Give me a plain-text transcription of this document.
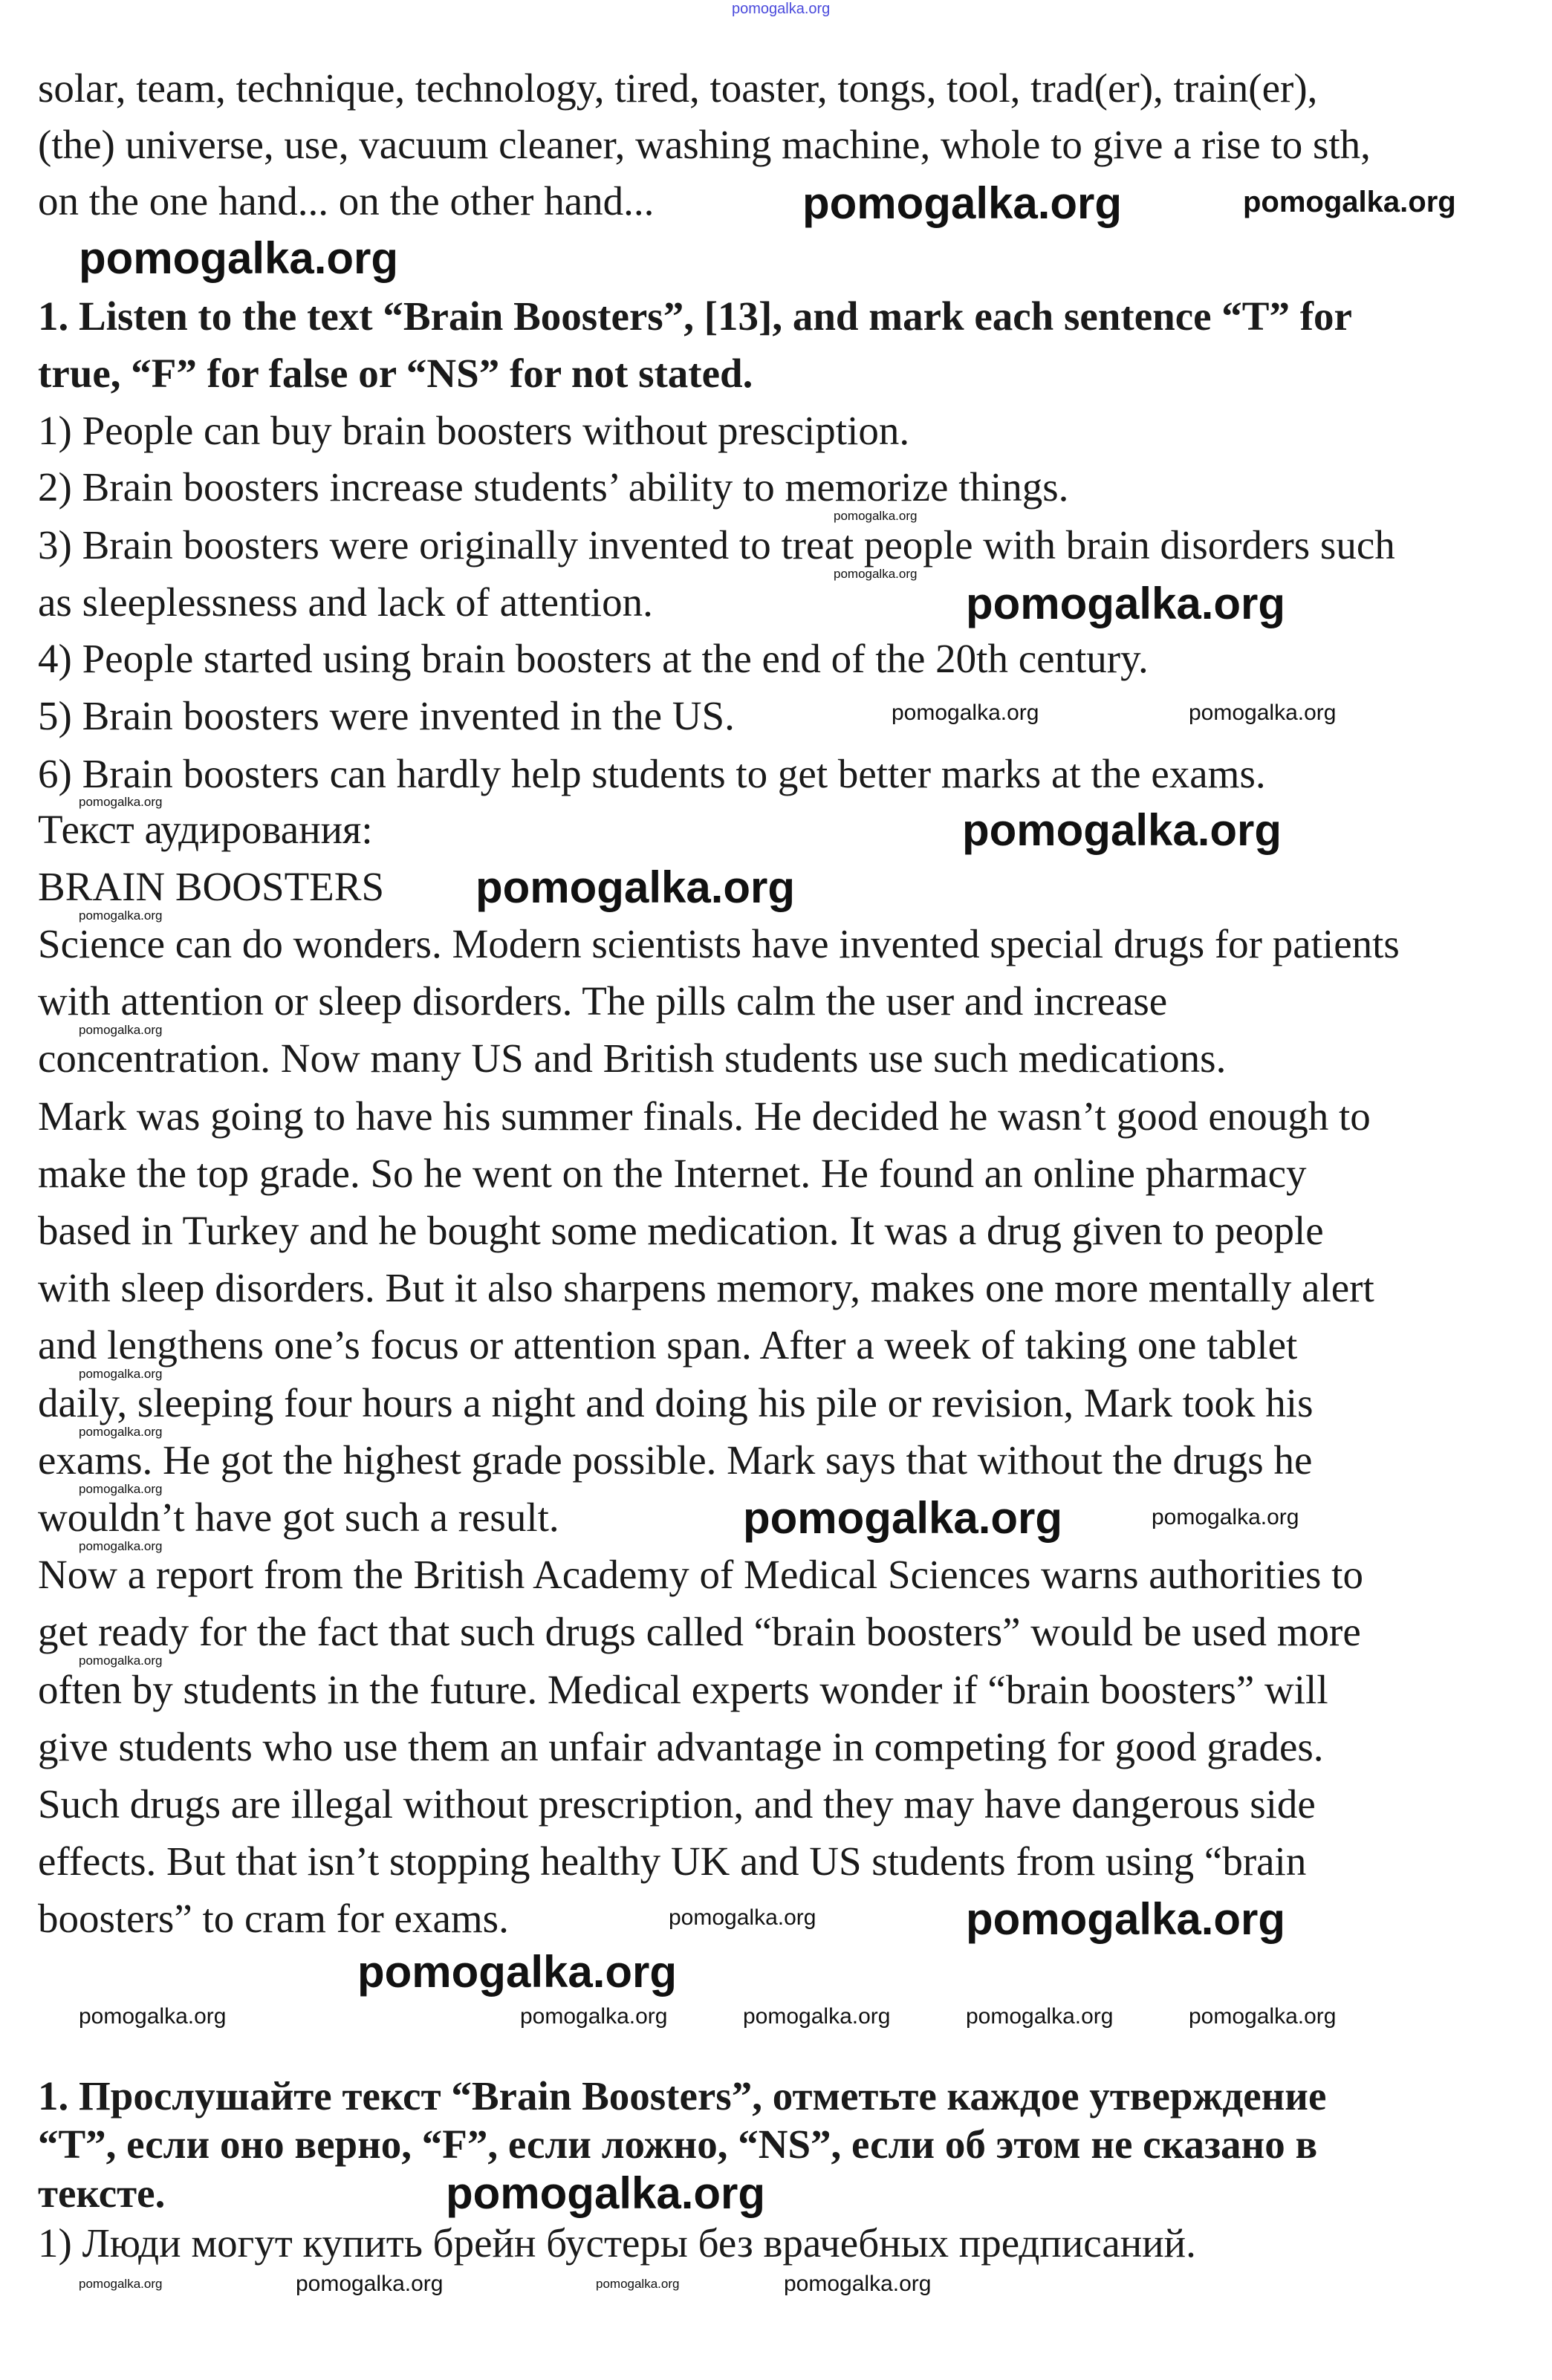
solar, team, technique, technology, tired, toaster, tongs, tool, trad(er), train(er),
(the) universe, use, vacuum cleaner, washing machine, whole to give a rise to sth,
on the one hand... on the other hand...
1. Listen to the text “Brain Boosters”, [13], and mark each sentence “T” for
true, “F” for false or “NS” for not stated.
1) People can buy brain boosters without presciption.
2) Brain boosters increase students’ ability to memorize things.
3) Brain boosters were originally invented to treat people with brain disorders such
as sleeplessness and lack of attention.
4) People started using brain boosters at the end of the 20th century.
5) Brain boosters were invented in the US.
6) Brain boosters can hardly help students to get better marks at the exams.
Текст аудирования:
BRAIN BOOSTERS
Science can do wonders. Modern scientists have invented special drugs for patients
with attention or sleep disorders. The pills calm the user and increase
concentration. Now many US and British students use such medications.
Mark was going to have his summer finals. He decided he wasn’t good enough to
make the top grade. So he went on the Internet. He found an online pharmacy
based in Turkey and he bought some medication. It was a drug given to people
with sleep disorders. But it also sharpens memory, makes one more mentally alert
and lengthens one’s focus or attention span. After a week of taking one tablet
daily, sleeping four hours a night and doing his pile or revision, Mark took his
exams. He got the highest grade possible. Mark says that without the drugs he
wouldn’t have got such a result.
Now a report from the British Academy of Medical Sciences warns authorities to
get ready for the fact that such drugs called “brain boosters” would be used more
often by students in the future. Medical experts wonder if “brain boosters” will
give students who use them an unfair advantage in competing for good grades.
Such drugs are illegal without prescription, and they may have dangerous side
effects. But that isn’t stopping healthy UK and US students from using “brain
boosters” to cram for exams.
1. Прослушайте текст “Brain Boosters”, отметьте каждое утверждение
“T”, если оно верно, “F”, если ложно, “NS”, если об этом не сказано в
тексте.
1) Люди могут купить брейн бустеры без врачебных предписаний.
pomogalka.org
pomogalka.org	pomogalka.org
pomogalka.org
pomogalka.org
pomogalka.org
pomogalka.org
pomogalka.org	pomogalka.org
pomogalka.org
pomogalka.org
pomogalka.org
pomogalka.org
pomogalka.org
pomogalka.org	pomogalka.org	pomogalka.org	pomogalka.org	pomogalka.org
pomogalka.org
pomogalka.org
pomogalka.org
pomogalka.org	pomogalka.org
pomogalka.org
pomogalka.org
pomogalka.org
pomogalka.org
pomogalka.org
pomogalka.org
pomogalka.org	pomogalka.org	pomogalka.org	pomogalka.org
